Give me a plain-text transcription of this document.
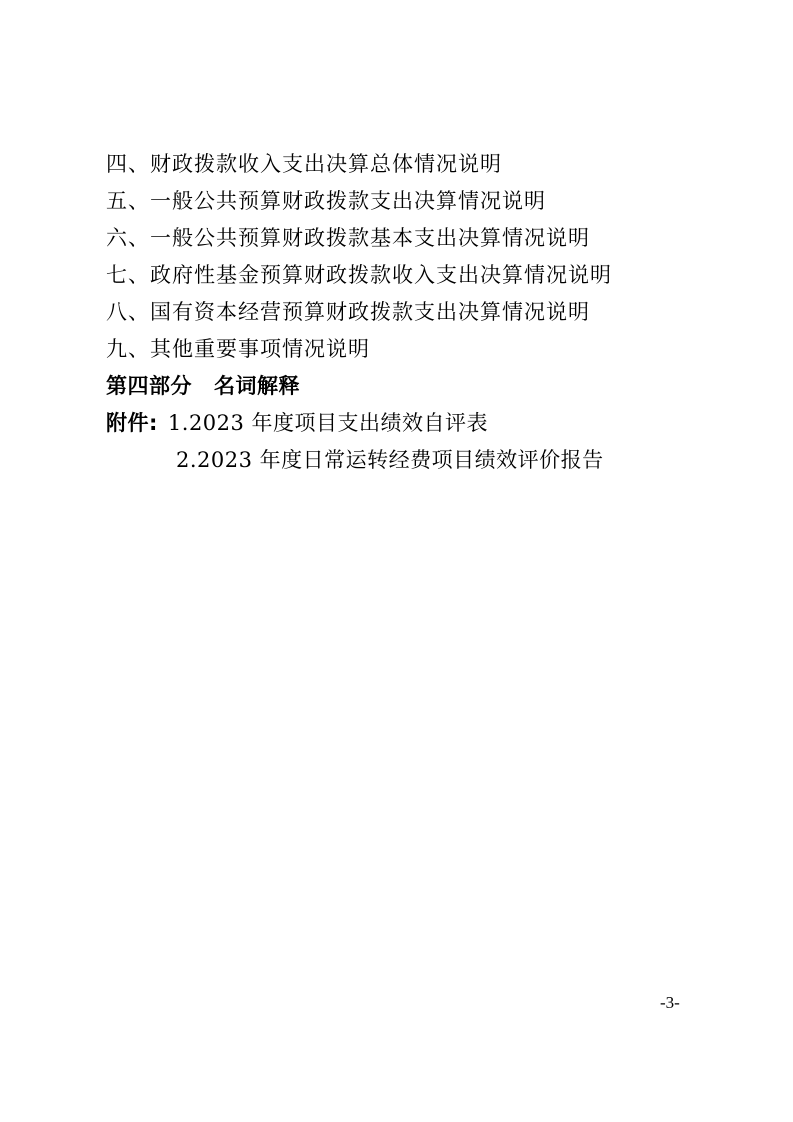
四、财政拨款收入支出决算总体情况说明
五、一般公共预算财政拨款支出决算情况说明
六、一般公共预算财政拨款基本支出决算情况说明
七、政府性基金预算财政拨款收入支出决算情况说明
八、国有资本经营预算财政拨款支出决算情况说明
九、其他重要事项情况说明
第四部分 名词解释
附件: 1.2023 年度项目支出绩效自评表
2.2023 年度日常运转经费项目绩效评价报告
-3-
